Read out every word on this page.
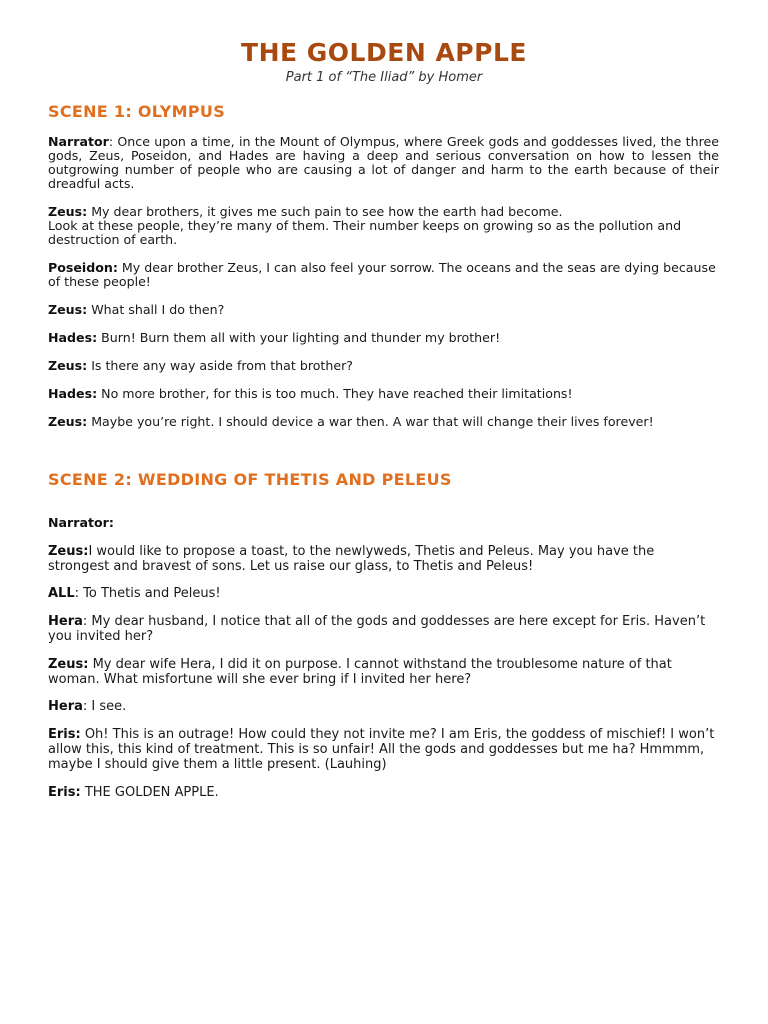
THE GOLDEN APPLE

Part 1 of “The Iliad” by Homer

SCENE 1: OLYMPUS

Narrator: Once upon a time, in the Mount of Olympus, where Greek gods and goddesses lived, the three gods, Zeus, Poseidon, and Hades are having a deep and serious conversation on how to lessen the outgrowing number of people who are causing a lot of danger and harm to the earth because of their dreadful acts.

Zeus: My dear brothers, it gives me such pain to see how the earth had become.
Look at these people, they’re many of them. Their number keeps on growing so as the pollution and destruction of earth.

Poseidon: My dear brother Zeus, I can also feel your sorrow. The oceans and the seas are dying because of these people!

Zeus: What shall I do then?

Hades: Burn! Burn them all with your lighting and thunder my brother!

Zeus: Is there any way aside from that brother?

Hades: No more brother, for this is too much. They have reached their limitations!

Zeus: Maybe you’re right. I should device a war then. A war that will change their lives forever!

SCENE 2: WEDDING OF THETIS AND PELEUS

Narrator:

Zeus:I would like to propose a toast, to the newlyweds, Thetis and Peleus. May you have the strongest and bravest of sons. Let us raise our glass, to Thetis and Peleus!

ALL: To Thetis and Peleus!

Hera: My dear husband, I notice that all of the gods and goddesses are here except for Eris. Haven’t you invited her?

Zeus: My dear wife Hera, I did it on purpose. I cannot withstand the troublesome nature of that woman. What misfortune will she ever bring if I invited her here?

Hera: I see.

Eris: Oh! This is an outrage! How could they not invite me? I am Eris, the goddess of mischief! I won’t allow this, this kind of treatment. This is so unfair! All the gods and goddesses but me ha? Hmmmm, maybe I should give them a little present. (Lauhing)

Eris: THE GOLDEN APPLE.
